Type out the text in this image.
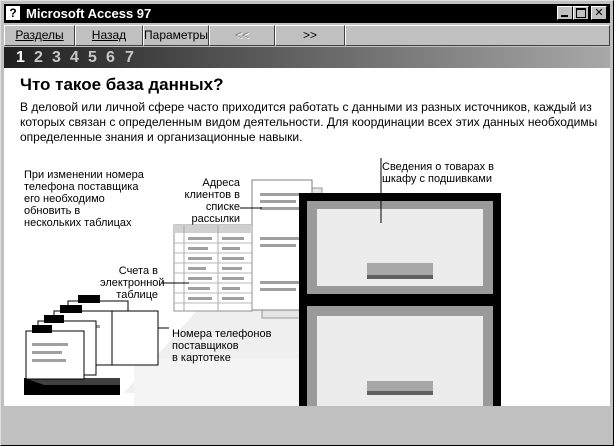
? Microsoft Access 97
✕
Разделы	Назад	Параметры	<<	>>
1 2 3 4 5 6 7
Что такое база данных?
В деловой или личной сфере часто приходится работать с данными из разных источников, каждый из которых связан с определенным видом деятельности. Для координации всех этих данных необходимы определенные знания и организационные навыки.
При изменении номера
телефона поставщика
его необходимо
обновить в
нескольких таблицах
Адреса
клиентов в
списке
рассылки
Сведения о товарах в
шкафу с подшивками
Счета в
электронной
таблице
Номера телефонов
поставщиков
в картотеке
